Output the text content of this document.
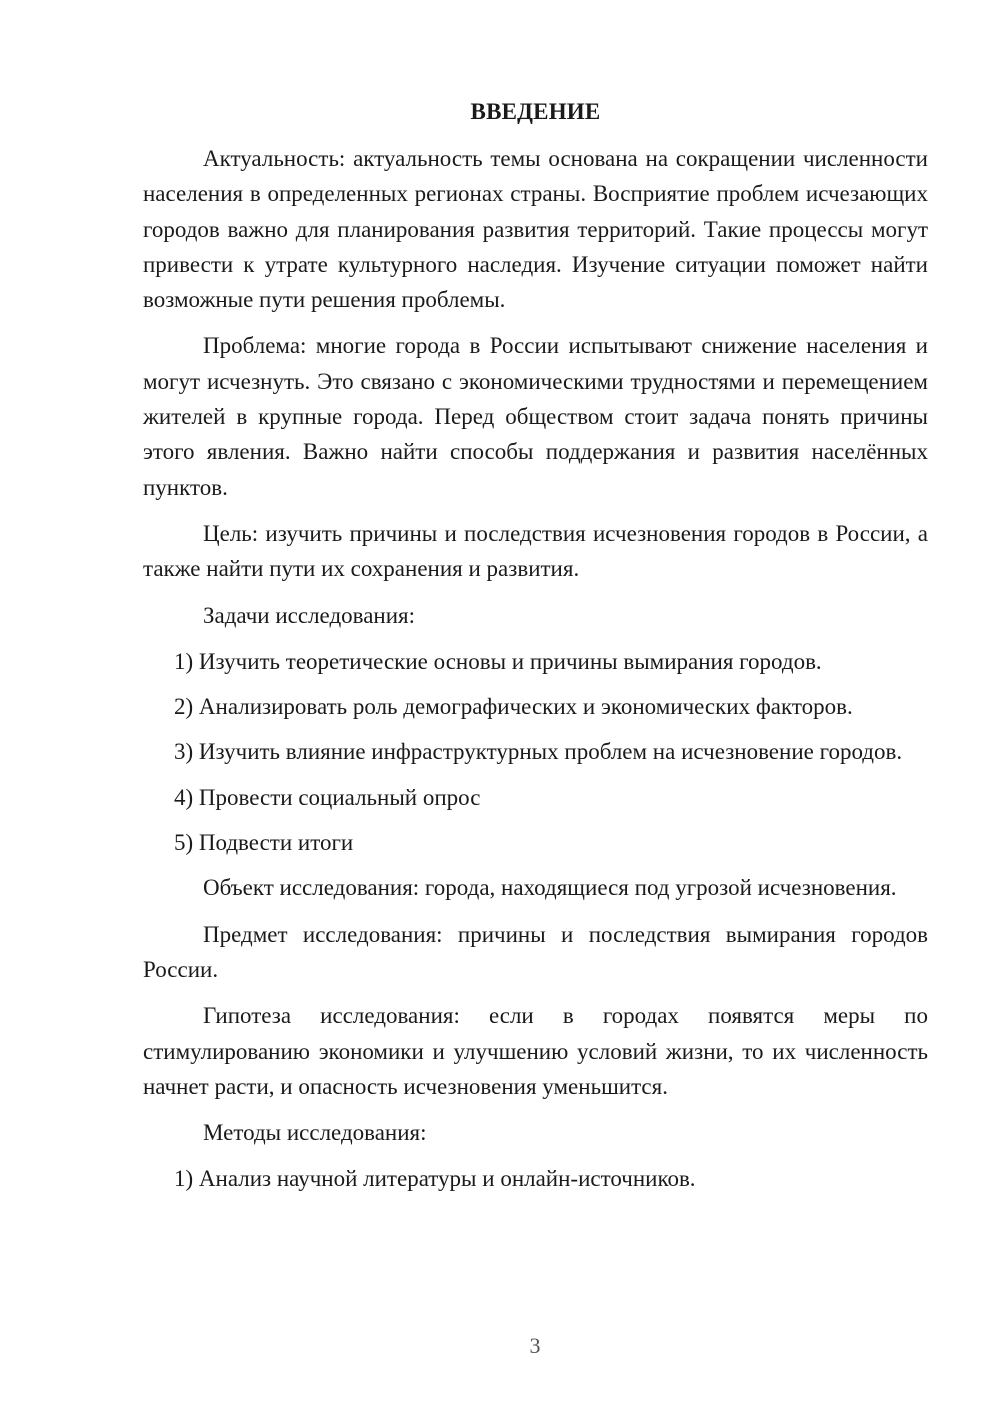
ВВЕДЕНИЕ

Актуальность: актуальность темы основана на сокращении численности населения в определенных регионах страны. Восприятие проблем исчезающих городов важно для планирования развития территорий. Такие процессы могут привести к утрате культурного наследия. Изучение ситуации поможет найти возможные пути решения проблемы.

Проблема: многие города в России испытывают снижение населения и могут исчезнуть. Это связано с экономическими трудностями и перемещением жителей в крупные города. Перед обществом стоит задача понять причины этого явления. Важно найти способы поддержания и развития населённых пунктов.

Цель: изучить причины и последствия исчезновения городов в России, а также найти пути их сохранения и развития.

Задачи исследования:

1) Изучить теоретические основы и причины вымирания городов.

2) Анализировать роль демографических и экономических факторов.

3) Изучить влияние инфраструктурных проблем на исчезновение городов.

4) Провести социальный опрос

5) Подвести итоги

Объект исследования: города, находящиеся под угрозой исчезновения.

Предмет исследования: причины и последствия вымирания городов России.

Гипотеза исследования: если в городах появятся меры по стимулированию экономики и улучшению условий жизни, то их численность начнет расти, и опасность исчезновения уменьшится.

Методы исследования:

1) Анализ научной литературы и онлайн-источников.

3
